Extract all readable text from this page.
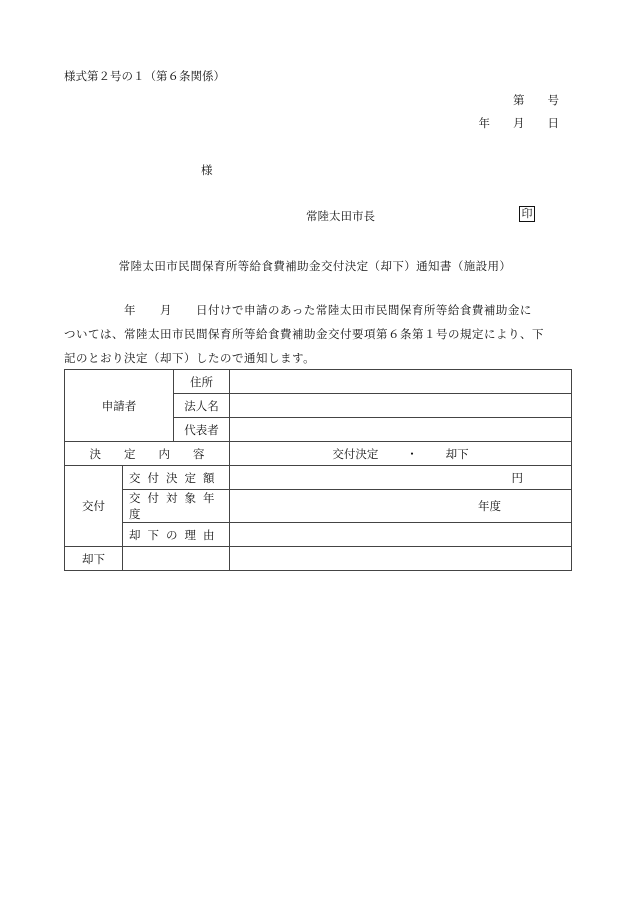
様式第２号の１（第６条関係）
第　　号
年　　月　　日
様
常陸太田市長	印
常陸太田市民間保育所等給食費補助金交付決定（却下）通知書（施設用）

　　　　　年　　月　　日付けで申請のあった常陸太田市民間保育所等給食費補助金に
ついては、常陸太田市民間保育所等給食費補助金交付要項第６条第１号の規定により、下
記のとおり決定（却下）したので通知します。

申請者		住所	
		法人名	
		代表者	
決　　定　　内　　容			交付決定 ・ 却下
交付	交付決定額		円
	交付対象年度		年度
	却下の理由		
却下			
